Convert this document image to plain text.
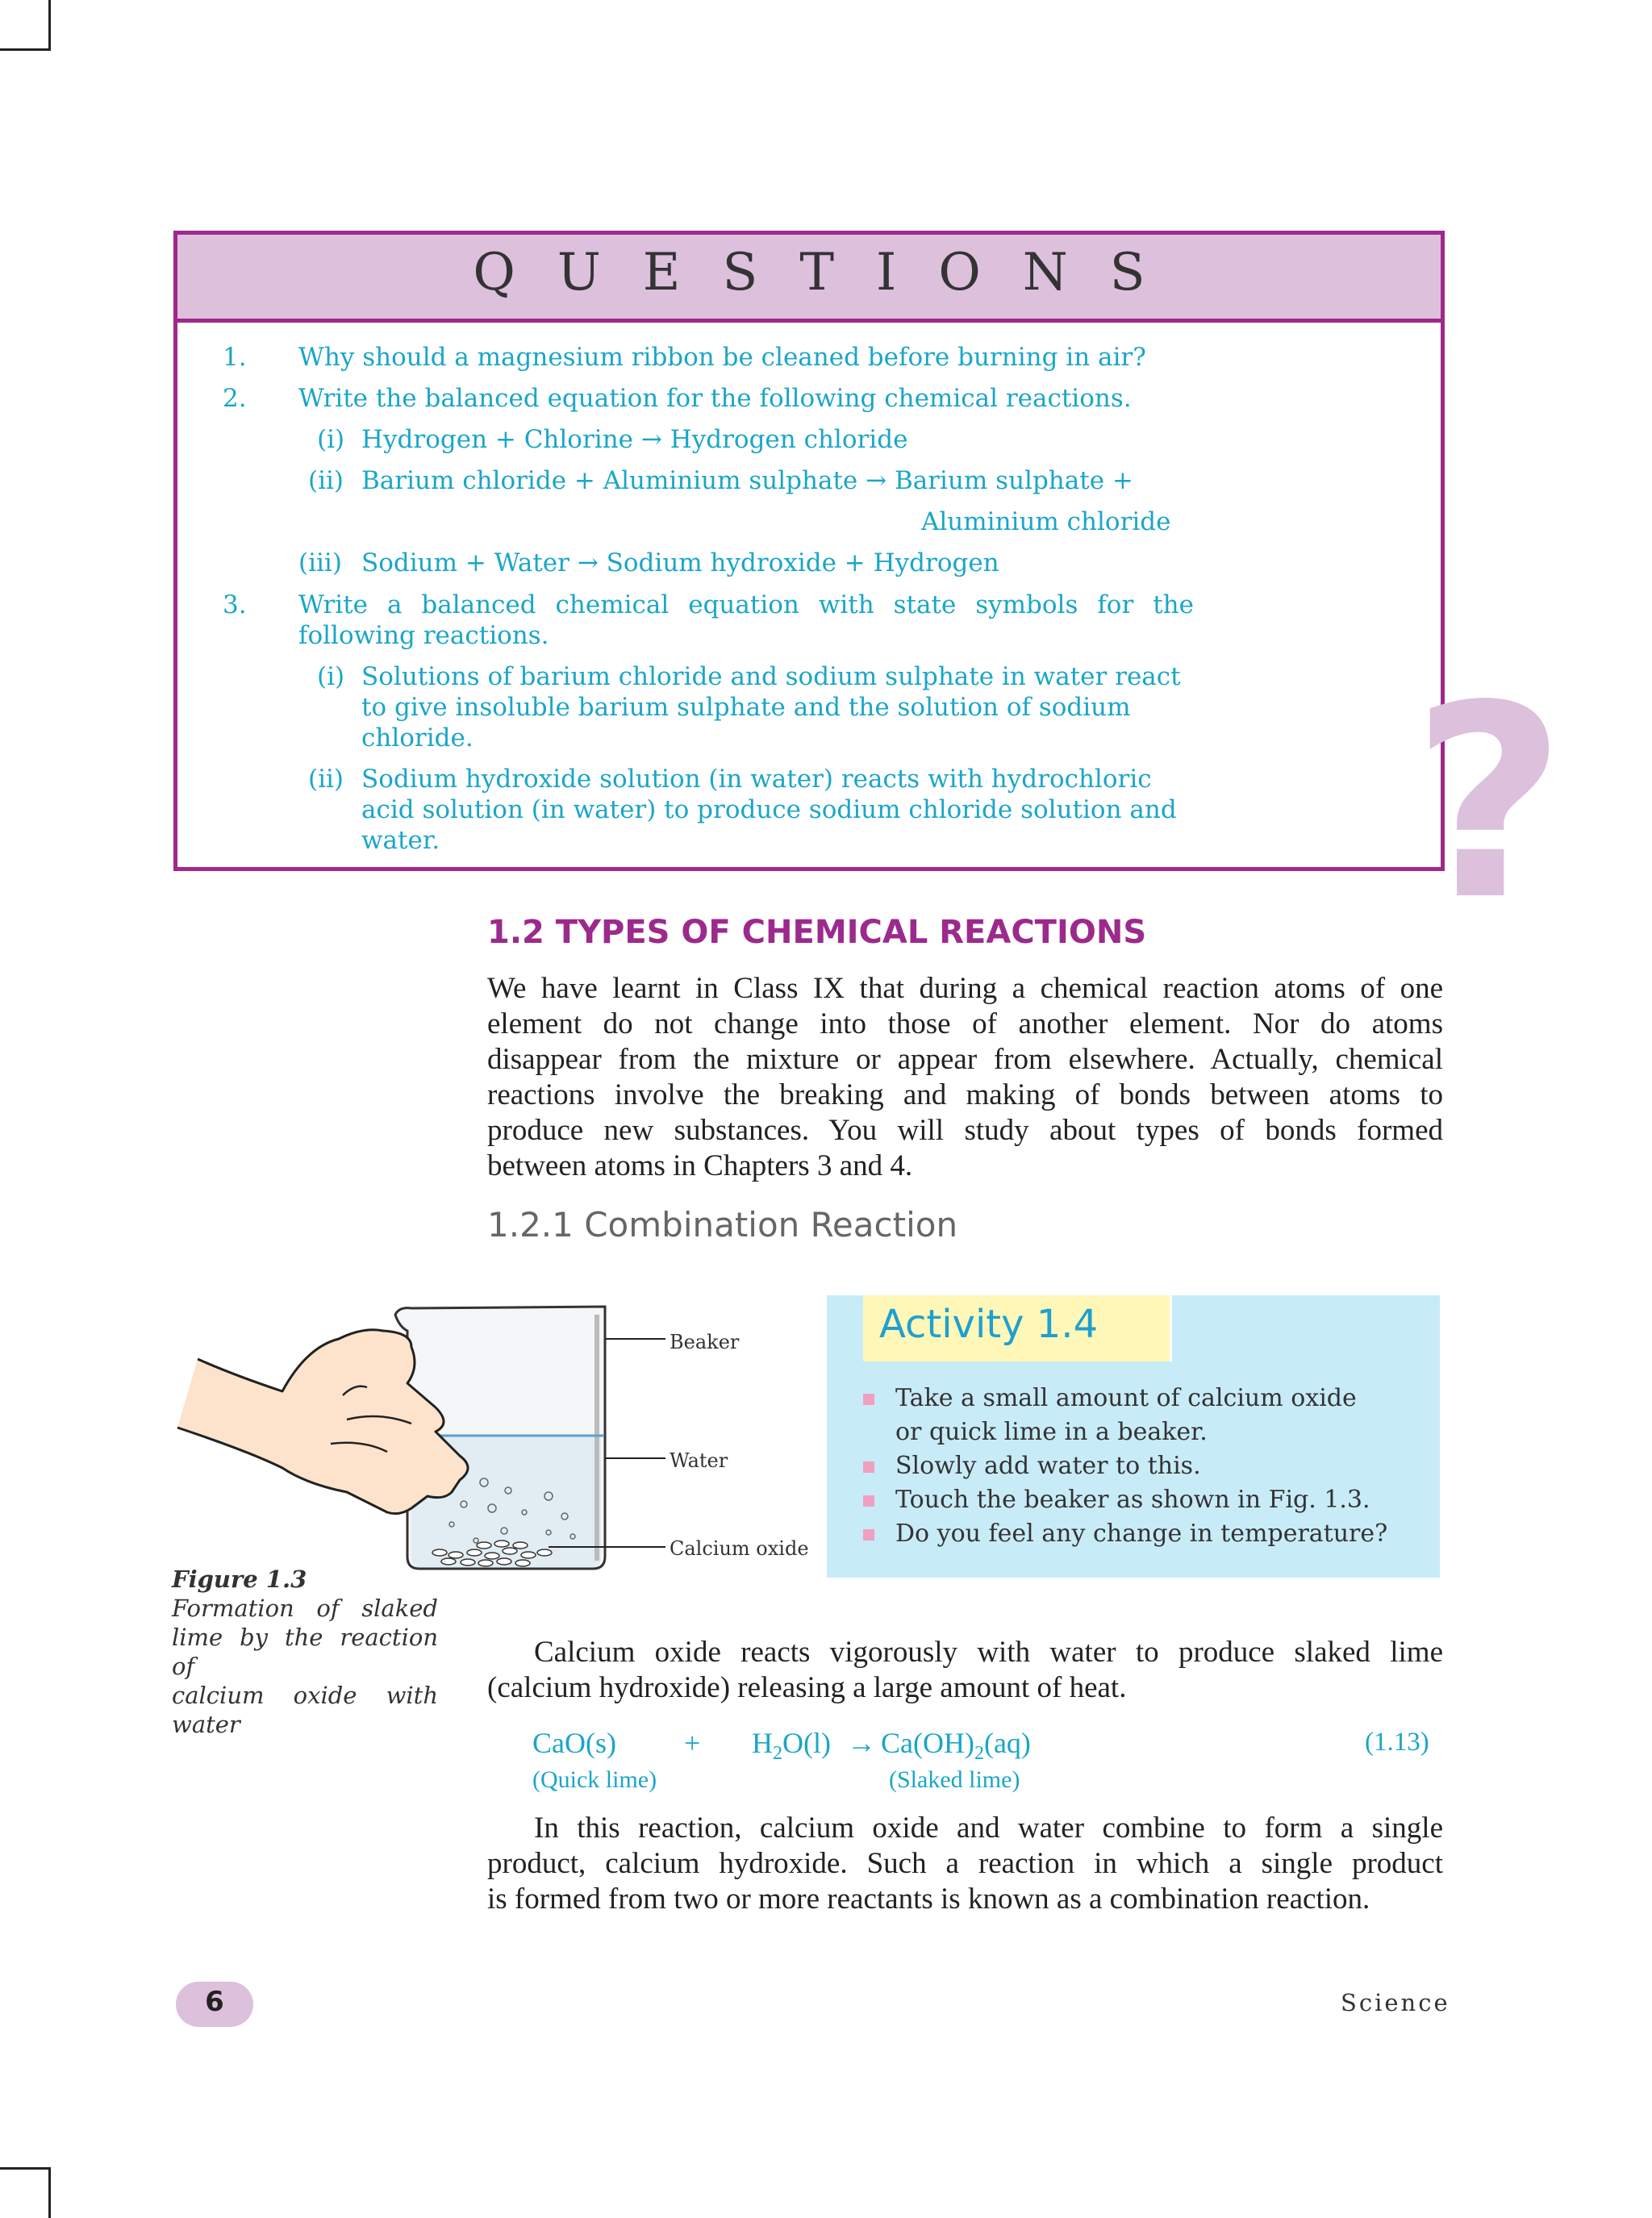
QUESTIONS
1. Why should a magnesium ribbon be cleaned before burning in air?
2. Write the balanced equation for the following chemical reactions.
(i) Hydrogen + Chlorine → Hydrogen chloride
(ii) Barium chloride + Aluminium sulphate → Barium sulphate +
Aluminium chloride
(iii) Sodium + Water → Sodium hydroxide + Hydrogen
3. Write a balanced chemical equation with state symbols for the
following reactions.
(i) Solutions of barium chloride and sodium sulphate in water react
to give insoluble barium sulphate and the solution of sodium
chloride.
(ii) Sodium hydroxide solution (in water) reacts with hydrochloric
acid solution (in water) to produce sodium chloride solution and
water.	?
1.2 TYPES OF CHEMICAL REACTIONS
We have learnt in Class IX that during a chemical reaction atoms of one
element do not change into those of another element. Nor do atoms
disappear from the mixture or appear from elsewhere. Actually, chemical
reactions involve the breaking and making of bonds between atoms to
produce new substances. You will study about types of bonds formed
between atoms in Chapters 3 and 4.
1.2.1 Combination Reaction
Beaker
Water
Calcium oxide
Figure 1.3
Formation of slaked
lime by the reaction of
calcium oxide with
water
Activity 1.4
Take a small amount of calcium oxide
or quick lime in a beaker.
Slowly add water to this.
Touch the beaker as shown in Fig. 1.3.
Do you feel any change in temperature?
Calcium oxide reacts vigorously with water to produce slaked lime
(calcium hydroxide) releasing a large amount of heat.
$CaO(s) + H_2O(l) \to Ca(OH)_2(aq)$	(1.13)
(Quick lime)	(Slaked lime)
In this reaction, calcium oxide and water combine to form a single
product, calcium hydroxide. Such a reaction in which a single product
is formed from two or more reactants is known as a combination reaction.
6	Science
